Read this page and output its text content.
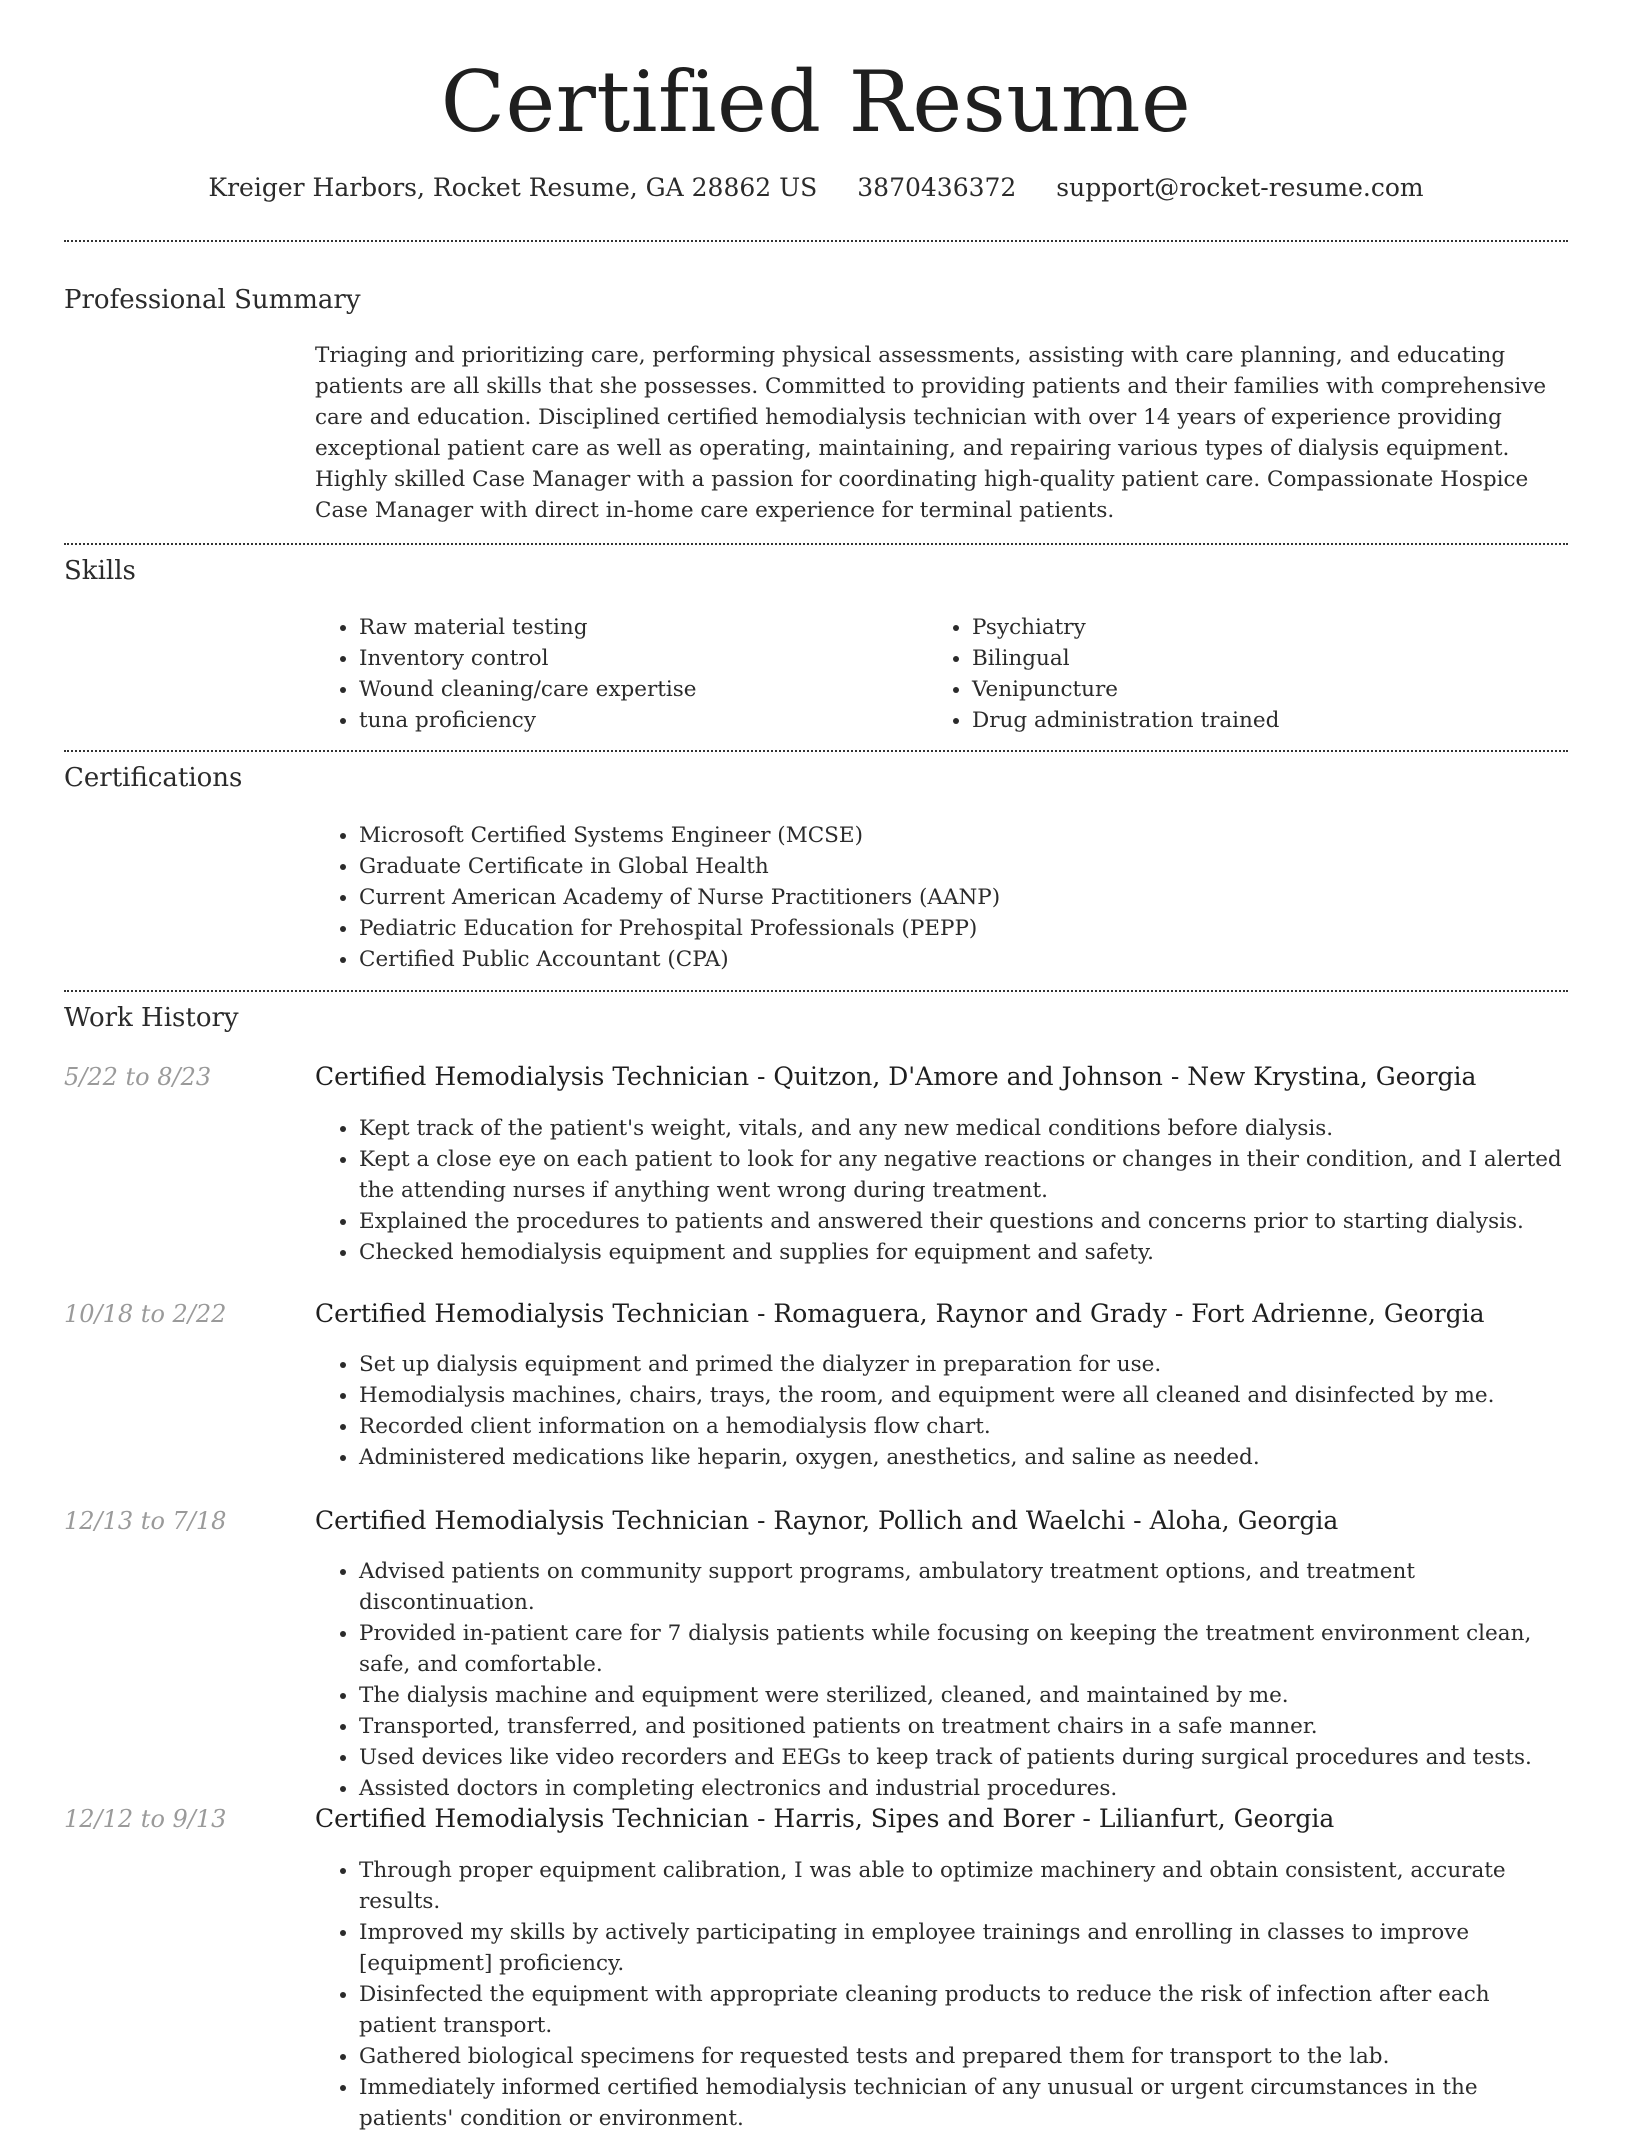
Certified Resume
Kreiger Harbors, Rocket Resume, GA 28862 US 3870436372 support@rocket-resume.com
Professional Summary

Triaging and prioritizing care, performing physical assessments, assisting with care planning, and educating patients are all skills that she possesses. Committed to providing patients and their families with comprehensive care and education. Disciplined certified hemodialysis technician with over 14 years of experience providing exceptional patient care as well as operating, maintaining, and repairing various types of dialysis equipment. Highly skilled Case Manager with a passion for coordinating high-quality patient care. Compassionate Hospice Case Manager with direct in-home care experience for terminal patients.

Skills
• Raw material testing
• Inventory control
• Wound cleaning/care expertise
• tuna proficiency
• Psychiatry
• Bilingual
• Venipuncture
• Drug administration trained
Certifications
• Microsoft Certified Systems Engineer (MCSE)
• Graduate Certificate in Global Health
• Current American Academy of Nurse Practitioners (AANP)
• Pediatric Education for Prehospital Professionals (PEPP)
• Certified Public Accountant (CPA)
Work History
5/22 to 8/23	Certified Hemodialysis Technician - Quitzon, D'Amore and Johnson - New Krystina, Georgia
• Kept track of the patient's weight, vitals, and any new medical conditions before dialysis.
• Kept a close eye on each patient to look for any negative reactions or changes in their condition, and I alerted the attending nurses if anything went wrong during treatment.
• Explained the procedures to patients and answered their questions and concerns prior to starting dialysis.
• Checked hemodialysis equipment and supplies for equipment and safety.
10/18 to 2/22	Certified Hemodialysis Technician - Romaguera, Raynor and Grady - Fort Adrienne, Georgia
• Set up dialysis equipment and primed the dialyzer in preparation for use.
• Hemodialysis machines, chairs, trays, the room, and equipment were all cleaned and disinfected by me.
• Recorded client information on a hemodialysis flow chart.
• Administered medications like heparin, oxygen, anesthetics, and saline as needed.
12/13 to 7/18	Certified Hemodialysis Technician - Raynor, Pollich and Waelchi - Aloha, Georgia
• Advised patients on community support programs, ambulatory treatment options, and treatment discontinuation.
• Provided in-patient care for 7 dialysis patients while focusing on keeping the treatment environment clean, safe, and comfortable.
• The dialysis machine and equipment were sterilized, cleaned, and maintained by me.
• Transported, transferred, and positioned patients on treatment chairs in a safe manner.
• Used devices like video recorders and EEGs to keep track of patients during surgical procedures and tests.
• Assisted doctors in completing electronics and industrial procedures.
12/12 to 9/13	Certified Hemodialysis Technician - Harris, Sipes and Borer - Lilianfurt, Georgia
• Through proper equipment calibration, I was able to optimize machinery and obtain consistent, accurate results.
• Improved my skills by actively participating in employee trainings and enrolling in classes to improve [equipment] proficiency.
• Disinfected the equipment with appropriate cleaning products to reduce the risk of infection after each patient transport.
• Gathered biological specimens for requested tests and prepared them for transport to the lab.
• Immediately informed certified hemodialysis technician of any unusual or urgent circumstances in the patients' condition or environment.
